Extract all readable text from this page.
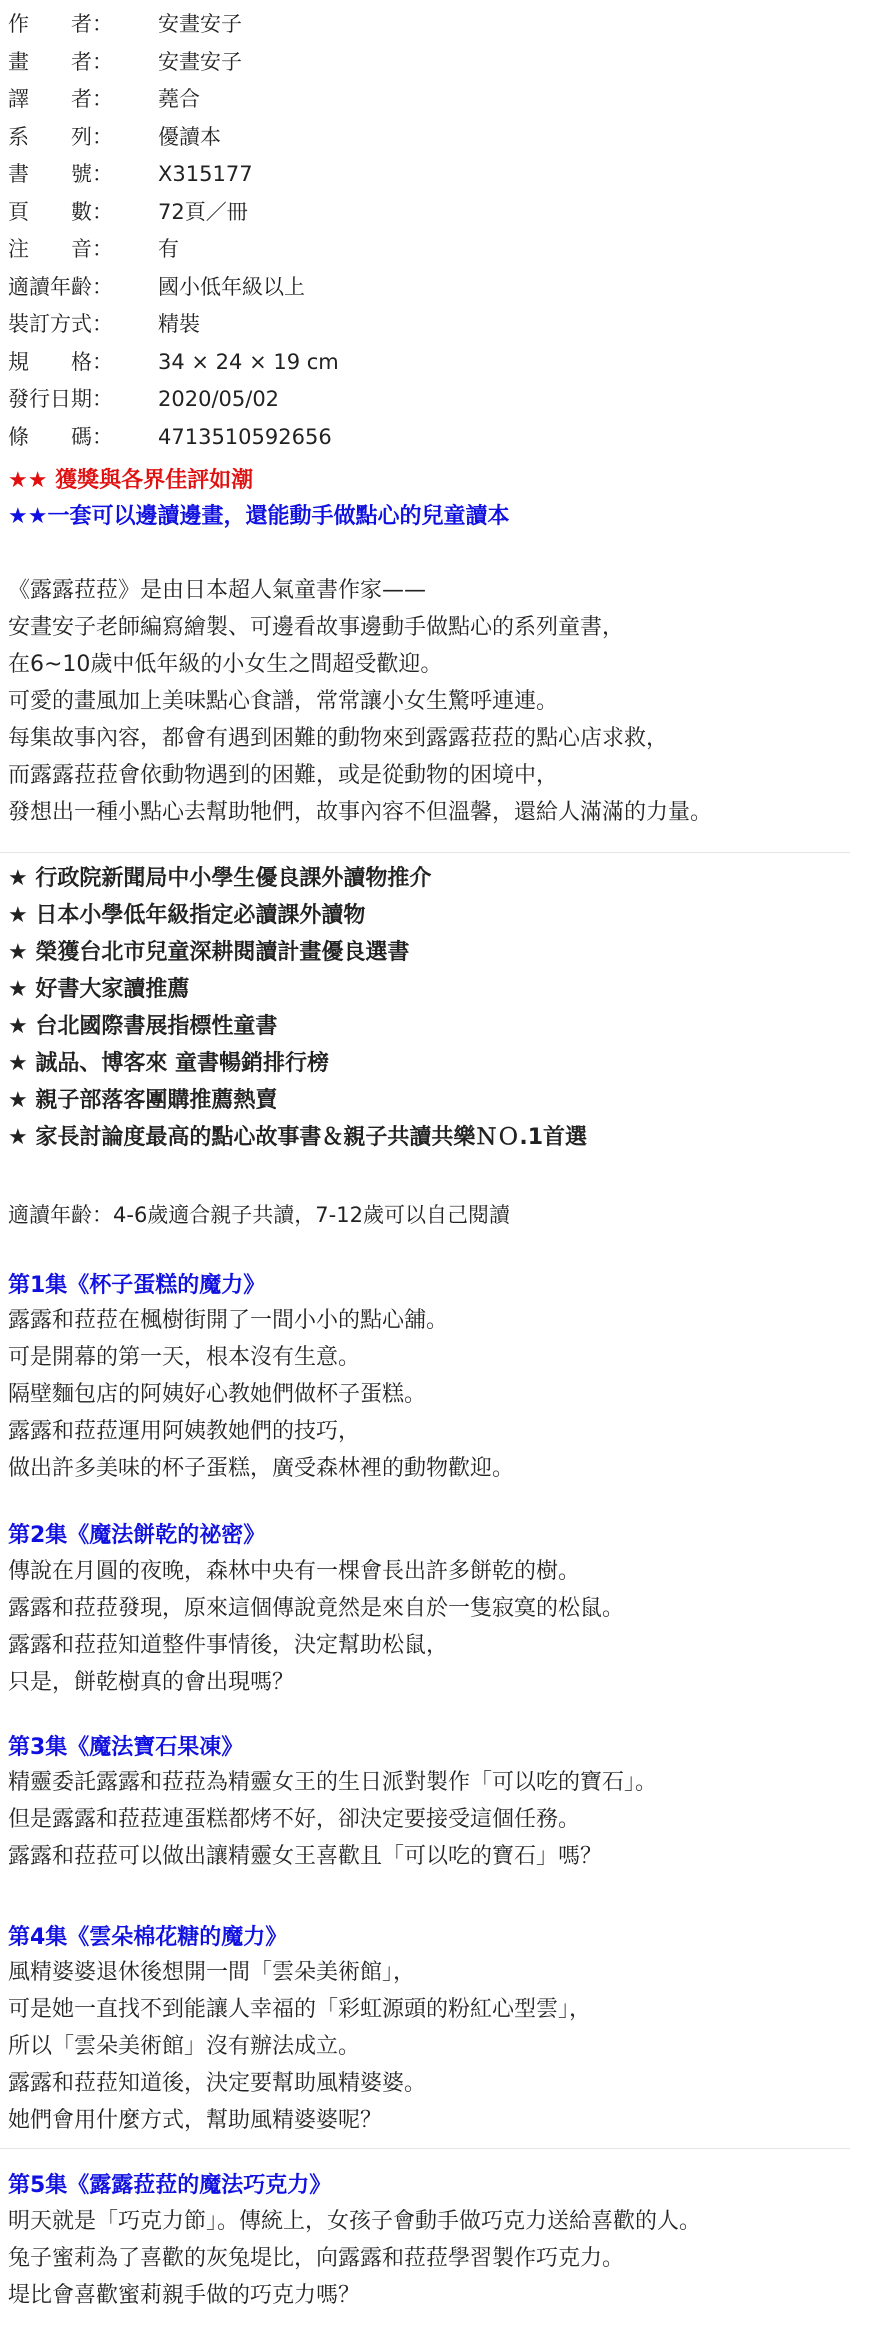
作　　者：	安晝安子
畫　　者：	安晝安子
譯　　者：	蕘合
系　　列：	優讀本
書　　號：	X315177
頁　　數：	72頁／冊
注　　音：	有
適讀年齡：	國小低年級以上
裝訂方式：	精裝
規　　格：	34 × 24 × 19 cm
發行日期：	2020/05/02
條　　碼：	4713510592656
★★ 獲獎與各界佳評如潮
★★一套可以邊讀邊畫，還能動手做點心的兒童讀本
《露露菈菈》是由日本超人氣童書作家——
安晝安子老師編寫繪製、可邊看故事邊動手做點心的系列童書，
在6~10歲中低年級的小女生之間超受歡迎。
可愛的畫風加上美味點心食譜，常常讓小女生驚呼連連。
每集故事內容，都會有遇到困難的動物來到露露菈菈的點心店求救，
而露露菈菈會依動物遇到的困難，或是從動物的困境中，
發想出一種小點心去幫助牠們，故事內容不但溫馨，還給人滿滿的力量。
★ 行政院新聞局中小學生優良課外讀物推介
★ 日本小學低年級指定必讀課外讀物
★ 榮獲台北市兒童深耕閱讀計畫優良選書
★ 好書大家讀推薦
★ 台北國際書展指標性童書
★ 誠品、博客來 童書暢銷排行榜
★ 親子部落客團購推薦熱賣
★ 家長討論度最高的點心故事書＆親子共讀共樂ＮＯ.1首選
適讀年齡：4-6歲適合親子共讀，7-12歲可以自己閱讀
第1集《杯子蛋糕的魔力》
露露和菈菈在楓樹街開了一間小小的點心舖。
可是開幕的第一天，根本沒有生意。
隔壁麵包店的阿姨好心教她們做杯子蛋糕。
露露和菈菈運用阿姨教她們的技巧，
做出許多美味的杯子蛋糕，廣受森林裡的動物歡迎。
第2集《魔法餅乾的祕密》
傳說在月圓的夜晚，森林中央有一棵會長出許多餅乾的樹。
露露和菈菈發現，原來這個傳說竟然是來自於一隻寂寞的松鼠。
露露和菈菈知道整件事情後，決定幫助松鼠，
只是，餅乾樹真的會出現嗎？
第3集《魔法寶石果凍》
精靈委託露露和菈菈為精靈女王的生日派對製作「可以吃的寶石」。
但是露露和菈菈連蛋糕都烤不好，卻決定要接受這個任務。
露露和菈菈可以做出讓精靈女王喜歡且「可以吃的寶石」嗎？
第4集《雲朵棉花糖的魔力》
風精婆婆退休後想開一間「雲朵美術館」，
可是她一直找不到能讓人幸福的「彩虹源頭的粉紅心型雲」，
所以「雲朵美術館」沒有辦法成立。
露露和菈菈知道後，決定要幫助風精婆婆。
她們會用什麼方式，幫助風精婆婆呢？
第5集《露露菈菈的魔法巧克力》
明天就是「巧克力節」。傳統上，女孩子會動手做巧克力送給喜歡的人。
兔子蜜莉為了喜歡的灰兔堤比，向露露和菈菈學習製作巧克力。
堤比會喜歡蜜莉親手做的巧克力嗎？
